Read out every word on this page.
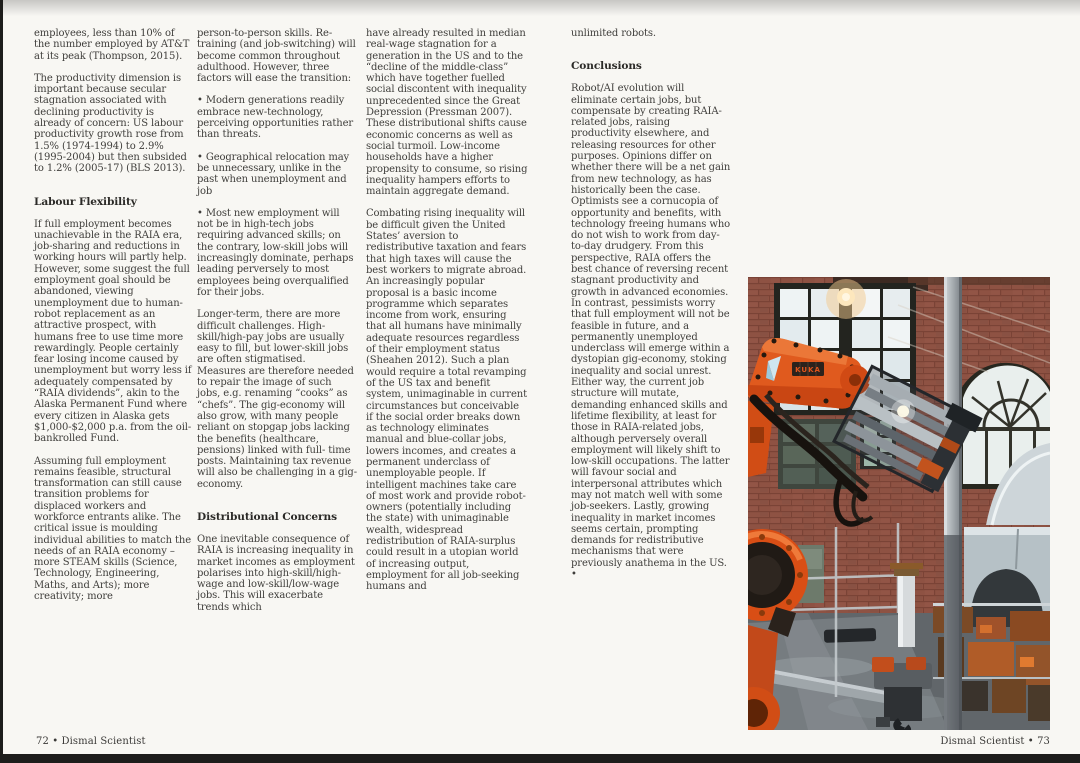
employees, less than 10% of the number employed by AT&T at its peak (Thompson, 2015).

The productivity dimension is important because secular stagnation associated with declining productivity is already of concern: US labour productivity growth rose from 1.5% (1974-1994) to 2.9% (1995-2004) but then subsided to 1.2% (2005-17) (BLS 2013).

Labour Flexibility

If full employment becomes unachievable in the RAIA era, job-sharing and reductions in working hours will partly help. However, some suggest the full employment goal should be abandoned, viewing unemployment due to human-robot replacement as an attractive prospect, with humans free to use time more rewardingly. People certainly fear losing income caused by unemployment but worry less if adequately compensated by “RAIA dividends”, akin to the Alaska Permanent Fund where every citizen in Alaska gets $1,000-$2,000 p.a. from the oil-bankrolled Fund.

Assuming full employment remains feasible, structural transformation can still cause transition problems for displaced workers and workforce entrants alike. The critical issue is moulding individual abilities to match the needs of an RAIA economy – more STEAM skills (Science, Technology, Engineering, Maths, and Arts); more creativity; more

person-to-person skills. Re-training (and job-switching) will become common throughout adulthood. However, three factors will ease the transition:

• Modern generations readily embrace new-technology, perceiving opportunities rather than threats.

• Geographical relocation may be unnecessary, unlike in the past when unemployment and job

• Most new employment will not be in high-tech jobs requiring advanced skills; on the contrary, low-skill jobs will increasingly dominate, perhaps leading perversely to most employees being overqualified for their jobs.

Longer-term, there are more difficult challenges. High-skill/high-pay jobs are usually easy to fill, but lower-skill jobs are often stigmatised. Measures are therefore needed to repair the image of such jobs, e.g. renaming “cooks” as “chefs”. The gig-economy will also grow, with many people reliant on stopgap jobs lacking the benefits (healthcare, pensions) linked with full- time posts. Maintaining tax revenue will also be challenging in a gig-economy.

Distributional Concerns

One inevitable consequence of RAIA is increasing inequality in market incomes as employment polarises into high-skill/high-wage and low-skill/low-wage jobs. This will exacerbate trends which

have already resulted in median real-wage stagnation for a generation in the US and to the “decline of the middle-class” which have together fuelled social discontent with inequality unprecedented since the Great Depression (Pressman 2007). These distributional shifts cause economic concerns as well as social turmoil. Low-income households have a higher propensity to consume, so rising inequality hampers efforts to maintain aggregate demand.

Combating rising inequality will be difficult given the United States’ aversion to redistributive taxation and fears that high taxes will cause the best workers to migrate abroad. An increasingly popular proposal is a basic income programme which separates income from work, ensuring that all humans have minimally adequate resources regardless of their employment status (Sheahen 2012). Such a plan would require a total revamping of the US tax and benefit system, unimaginable in current circumstances but conceivable if the social order breaks down as technology eliminates manual and blue-collar jobs, lowers incomes, and creates a permanent underclass of unemployable people. If intelligent machines take care of most work and provide robot-owners (potentially including the state) with unimaginable wealth, widespread redistribution of RAIA-surplus could result in a utopian world of increasing output, employment for all job-seeking humans and

unlimited robots.

Conclusions

Robot/AI evolution will eliminate certain jobs, but compensate by creating RAIA-related jobs, raising productivity elsewhere, and releasing resources for other purposes. Opinions differ on whether there will be a net gain from new technology, as has historically been the case. Optimists see a cornucopia of opportunity and benefits, with technology freeing humans who do not wish to work from day-to-day drudgery. From this perspective, RAIA offers the best chance of reversing recent stagnant productivity and growth in advanced economies. In contrast, pessimists worry that full employment will not be feasible in future, and a permanently unemployed underclass will emerge within a dystopian gig-economy, stoking inequality and social unrest. Either way, the current job structure will mutate, demanding enhanced skills and lifetime flexibility, at least for those in RAIA-related jobs, although perversely overall employment will likely shift to low-skill occupations. The latter will favour social and interpersonal attributes which may not match well with some job-seekers. Lastly, growing inequality in market incomes seems certain, prompting demands for redistributive mechanisms that were previously anathema in the US. •

KUKA
72 • Dismal Scientist	Dismal Scientist • 73
